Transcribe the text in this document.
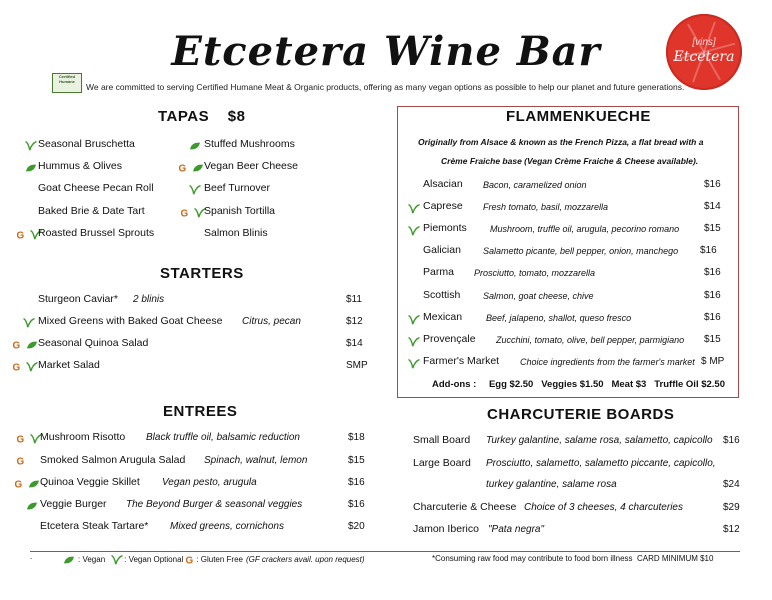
Etcetera Wine Bar	[vins]
Etcetera
Certified Humane
We are committed to serving Certified Humane Meat & Organic products, offering as many vegan options as possible to help our planet and future generations.
TAPAS $8
Seasonal Bruschetta
Hummus & Olives
Goat Cheese Pecan Roll
Baked Brie & Date Tart

Roasted Brussel Sprouts
Stuffed Mushrooms

Vegan Beer Cheese
Beef Turnover

Spanish Tortilla
Salmon Blinis
STARTERS
Sturgeon Caviar* 2 blinis	$11
Mixed Greens with Baked Goat Cheese Citrus, pecan	$12

Seasonal Quinoa Salad	$14

Market Salad	SMP
ENTREES

Mushroom Risotto Black truffle oil, balsamic reduction	$18
Smoked Salmon Arugula Salad Spinach, walnut, lemon	$15

Quinoa Veggie Skillet Vegan pesto, arugula	$16
Veggie Burger The Beyond Burger & seasonal veggies	$16
Etcetera Steak Tartare* Mixed greens, cornichons	$20
FLAMMENKUECHE
Originally from Alsace & known as the French Pizza, a flat bread with a
Crème Fraiche base (Vegan Crème Fraiche & Cheese available).
Alsacian Bacon, caramelized onion	$16
Caprese Fresh tomato, basil, mozzarella	$14
Piemonts	Mushroom, truffle oil, arugula, pecorino romano $15
Galician Salametto picante, bell pepper, onion, manchego $16
Parma Prosciutto, tomato, mozzarella	$16
Scottish	Salmon, goat cheese, chive	$16
Mexican	Beef, jalapeno, shallot, queso fresco	$16
Provençale Zucchini, tomato, olive, bell pepper, parmigiano $15
Farmer's Market Choice ingredients from the farmer's market $ MP
Add-ons : Egg $2.50   Veggies $1.50   Meat $3   Truffle Oil $2.50
CHARCUTERIE BOARDS
Small Board Turkey galantine, salame rosa, salametto, capicollo $16
Large Board Prosciutto, salametto, salametto piccante, capicollo,
turkey galantine, salame rosa	$24
Charcuterie & Cheese Choice of 3 cheeses, 4 charcuteries	$29
Jamon Iberico "Pata negra"	$12
.	: Vegan : Vegan Optional : Gluten Free (GF crackers avail. upon request)	*Consuming raw food may contribute to food born illness  CARD MINIMUM $10
